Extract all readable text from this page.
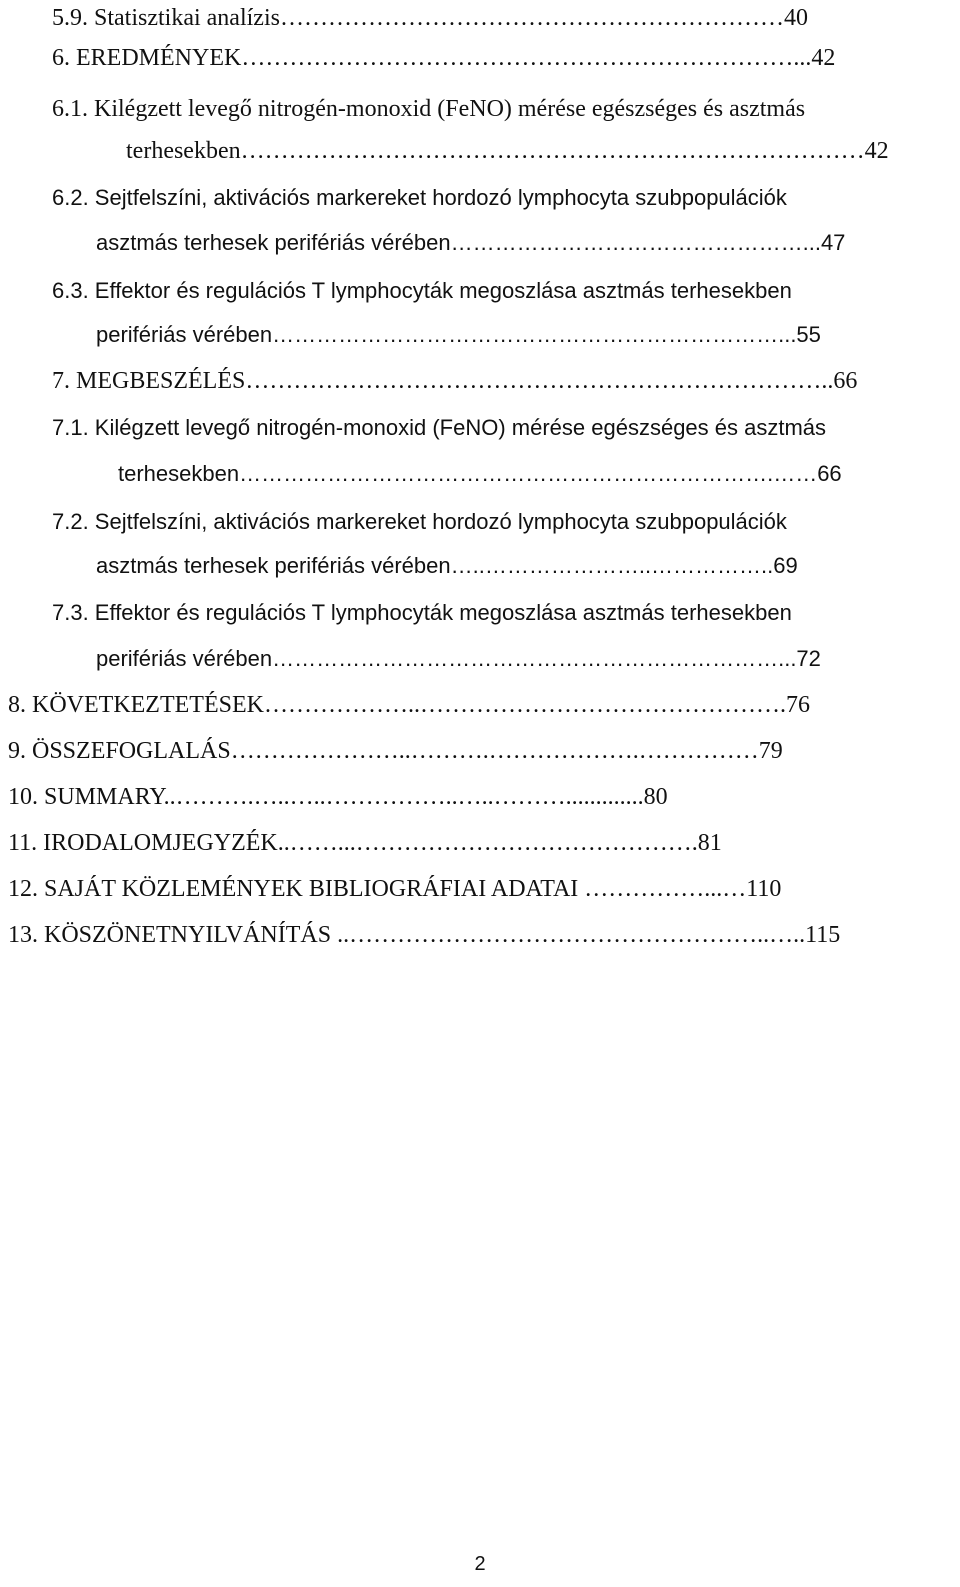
5.9. Statisztikai analízis………………………………………………………40
6. EREDMÉNYEK……………………………………………………………...42
6.1. Kilégzett levegő nitrogén-monoxid (FeNO) mérése egészséges és asztmás
terhesekben……………………………………………………………………42
6.2. Sejtfelszíni, aktivációs markereket hordozó lymphocyta szubpopulációk
asztmás terhesek perifériás vérében…………………………………………...47
6.3. Effektor és regulációs T lymphocyták megoszlása asztmás terhesekben
perifériás vérében……………………………………………………………...55
7. MEGBESZÉLÉS………………………………………………………………..66
7.1. Kilégzett levegő nitrogén-monoxid (FeNO) mérése egészséges és asztmás
terhesekben……………………………………………………………….……66
7.2. Sejtfelszíni, aktivációs markereket hordozó lymphocyta szubpopulációk
asztmás terhesek perifériás vérében…..…………………..……………..69
7.3. Effektor és regulációs T lymphocyták megoszlása asztmás terhesekben
perifériás vérében……………………………………………………………...72
8. KÖVETKEZTETÉSEK………………..……………………………………….76
9. ÖSSZEFOGLALÁS…………………..……….……………….……………79
10. SUMMARY..……….…..…..……………..…..……….............80
11. IRODALOMJEGYZÉK..……...…………………………………….81
12. SAJÁT KÖZLEMÉNYEK BIBLIOGRÁFIAI ADATAI ……………...…110
13. KÖSZÖNETNYILVÁNÍTÁS ..……………………………………………..…..115
2
